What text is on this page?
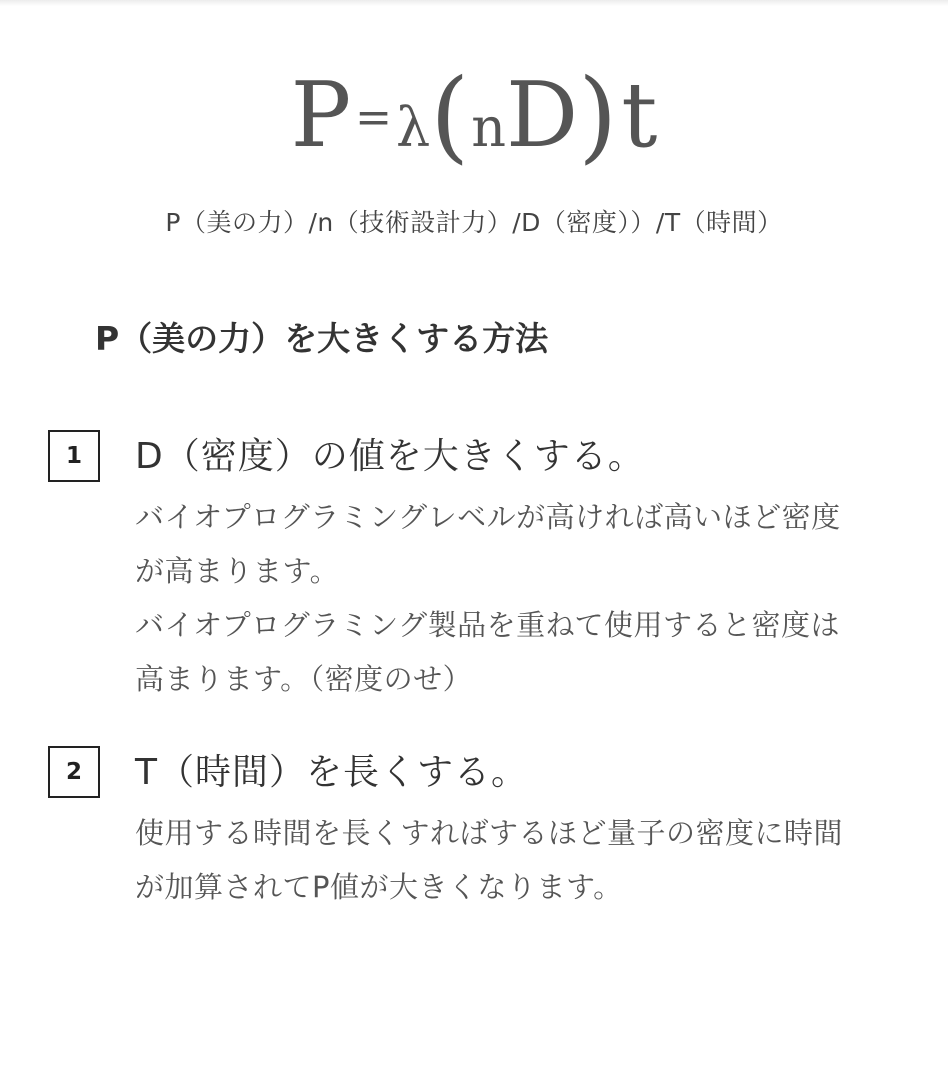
P=λ(nD)t
P（美の力）/n（技術設計力）/D（密度））/T（時間）
P（美の力）を大きくする方法
1	D（密度）の値を大きくする。
バイオプログラミングレベルが高ければ高いほど密度
が高まります。
バイオプログラミング製品を重ねて使用すると密度は
高まります。（密度のせ）
2	T（時間）を長くする。
使用する時間を長くすればするほど量子の密度に時間
が加算されてP値が大きくなります。
